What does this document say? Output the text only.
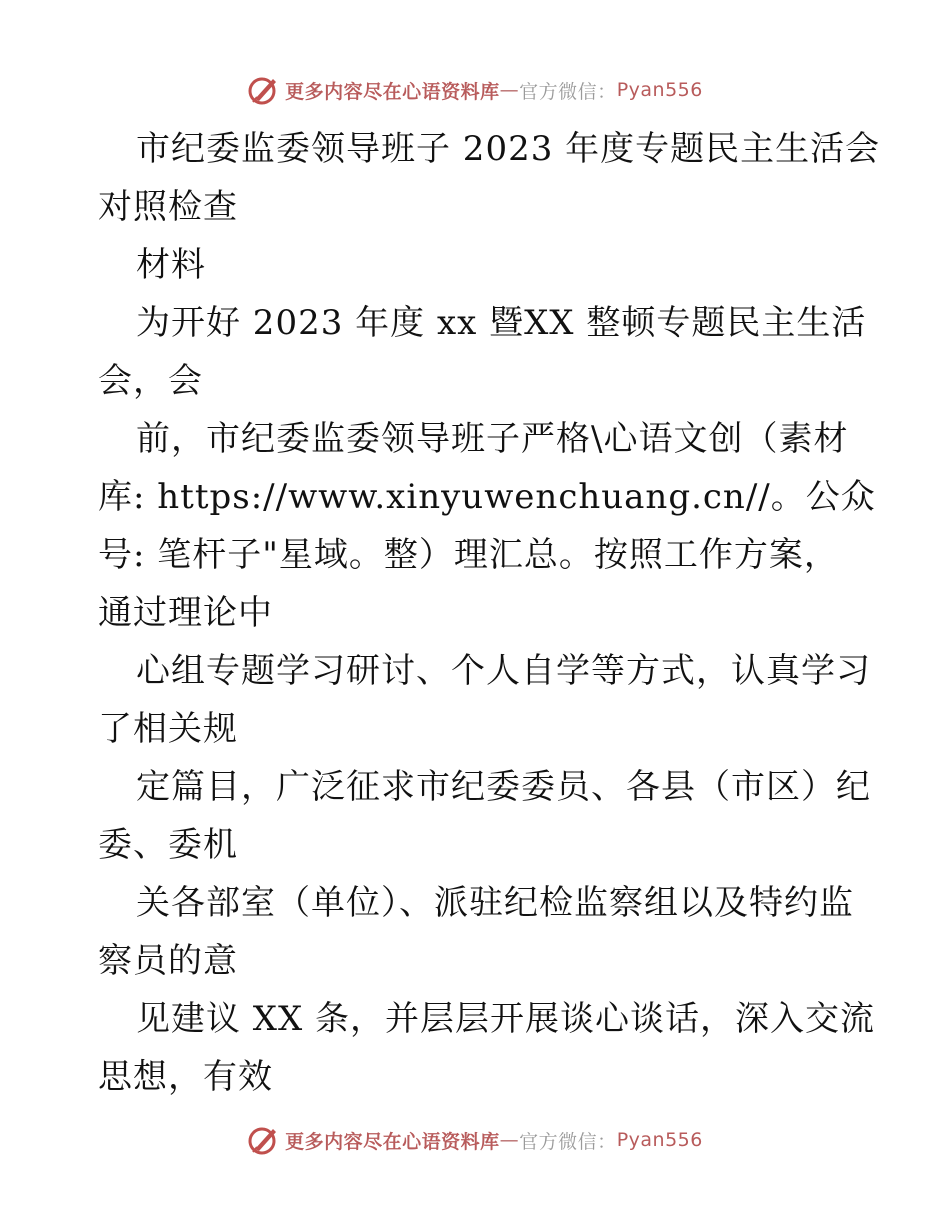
更多内容尽在心语资料库 — 官方微信： Pyan556
市纪委监委领导班子 2023 年度专题民主生活会
对照检查
材料
为开好 2023 年度 xx 暨XX 整顿专题民主生活
会，会
前，市纪委监委领导班子严格\心语文创（素材
库: https://www.xinyuwenchuang.cn//。公众
号: 笔杆子"星域。整）理汇总。按照工作方案，
通过理论中
心组专题学习研讨、个人自学等方式，认真学习
了相关规
定篇目，广泛征求市纪委委员、各县（市区）纪
委、委机
关各部室（单位）、派驻纪检监察组以及特约监
察员的意
见建议 XX 条，并层层开展谈心谈话，深入交流
思想，有效
更多内容尽在心语资料库 — 官方微信： Pyan556
